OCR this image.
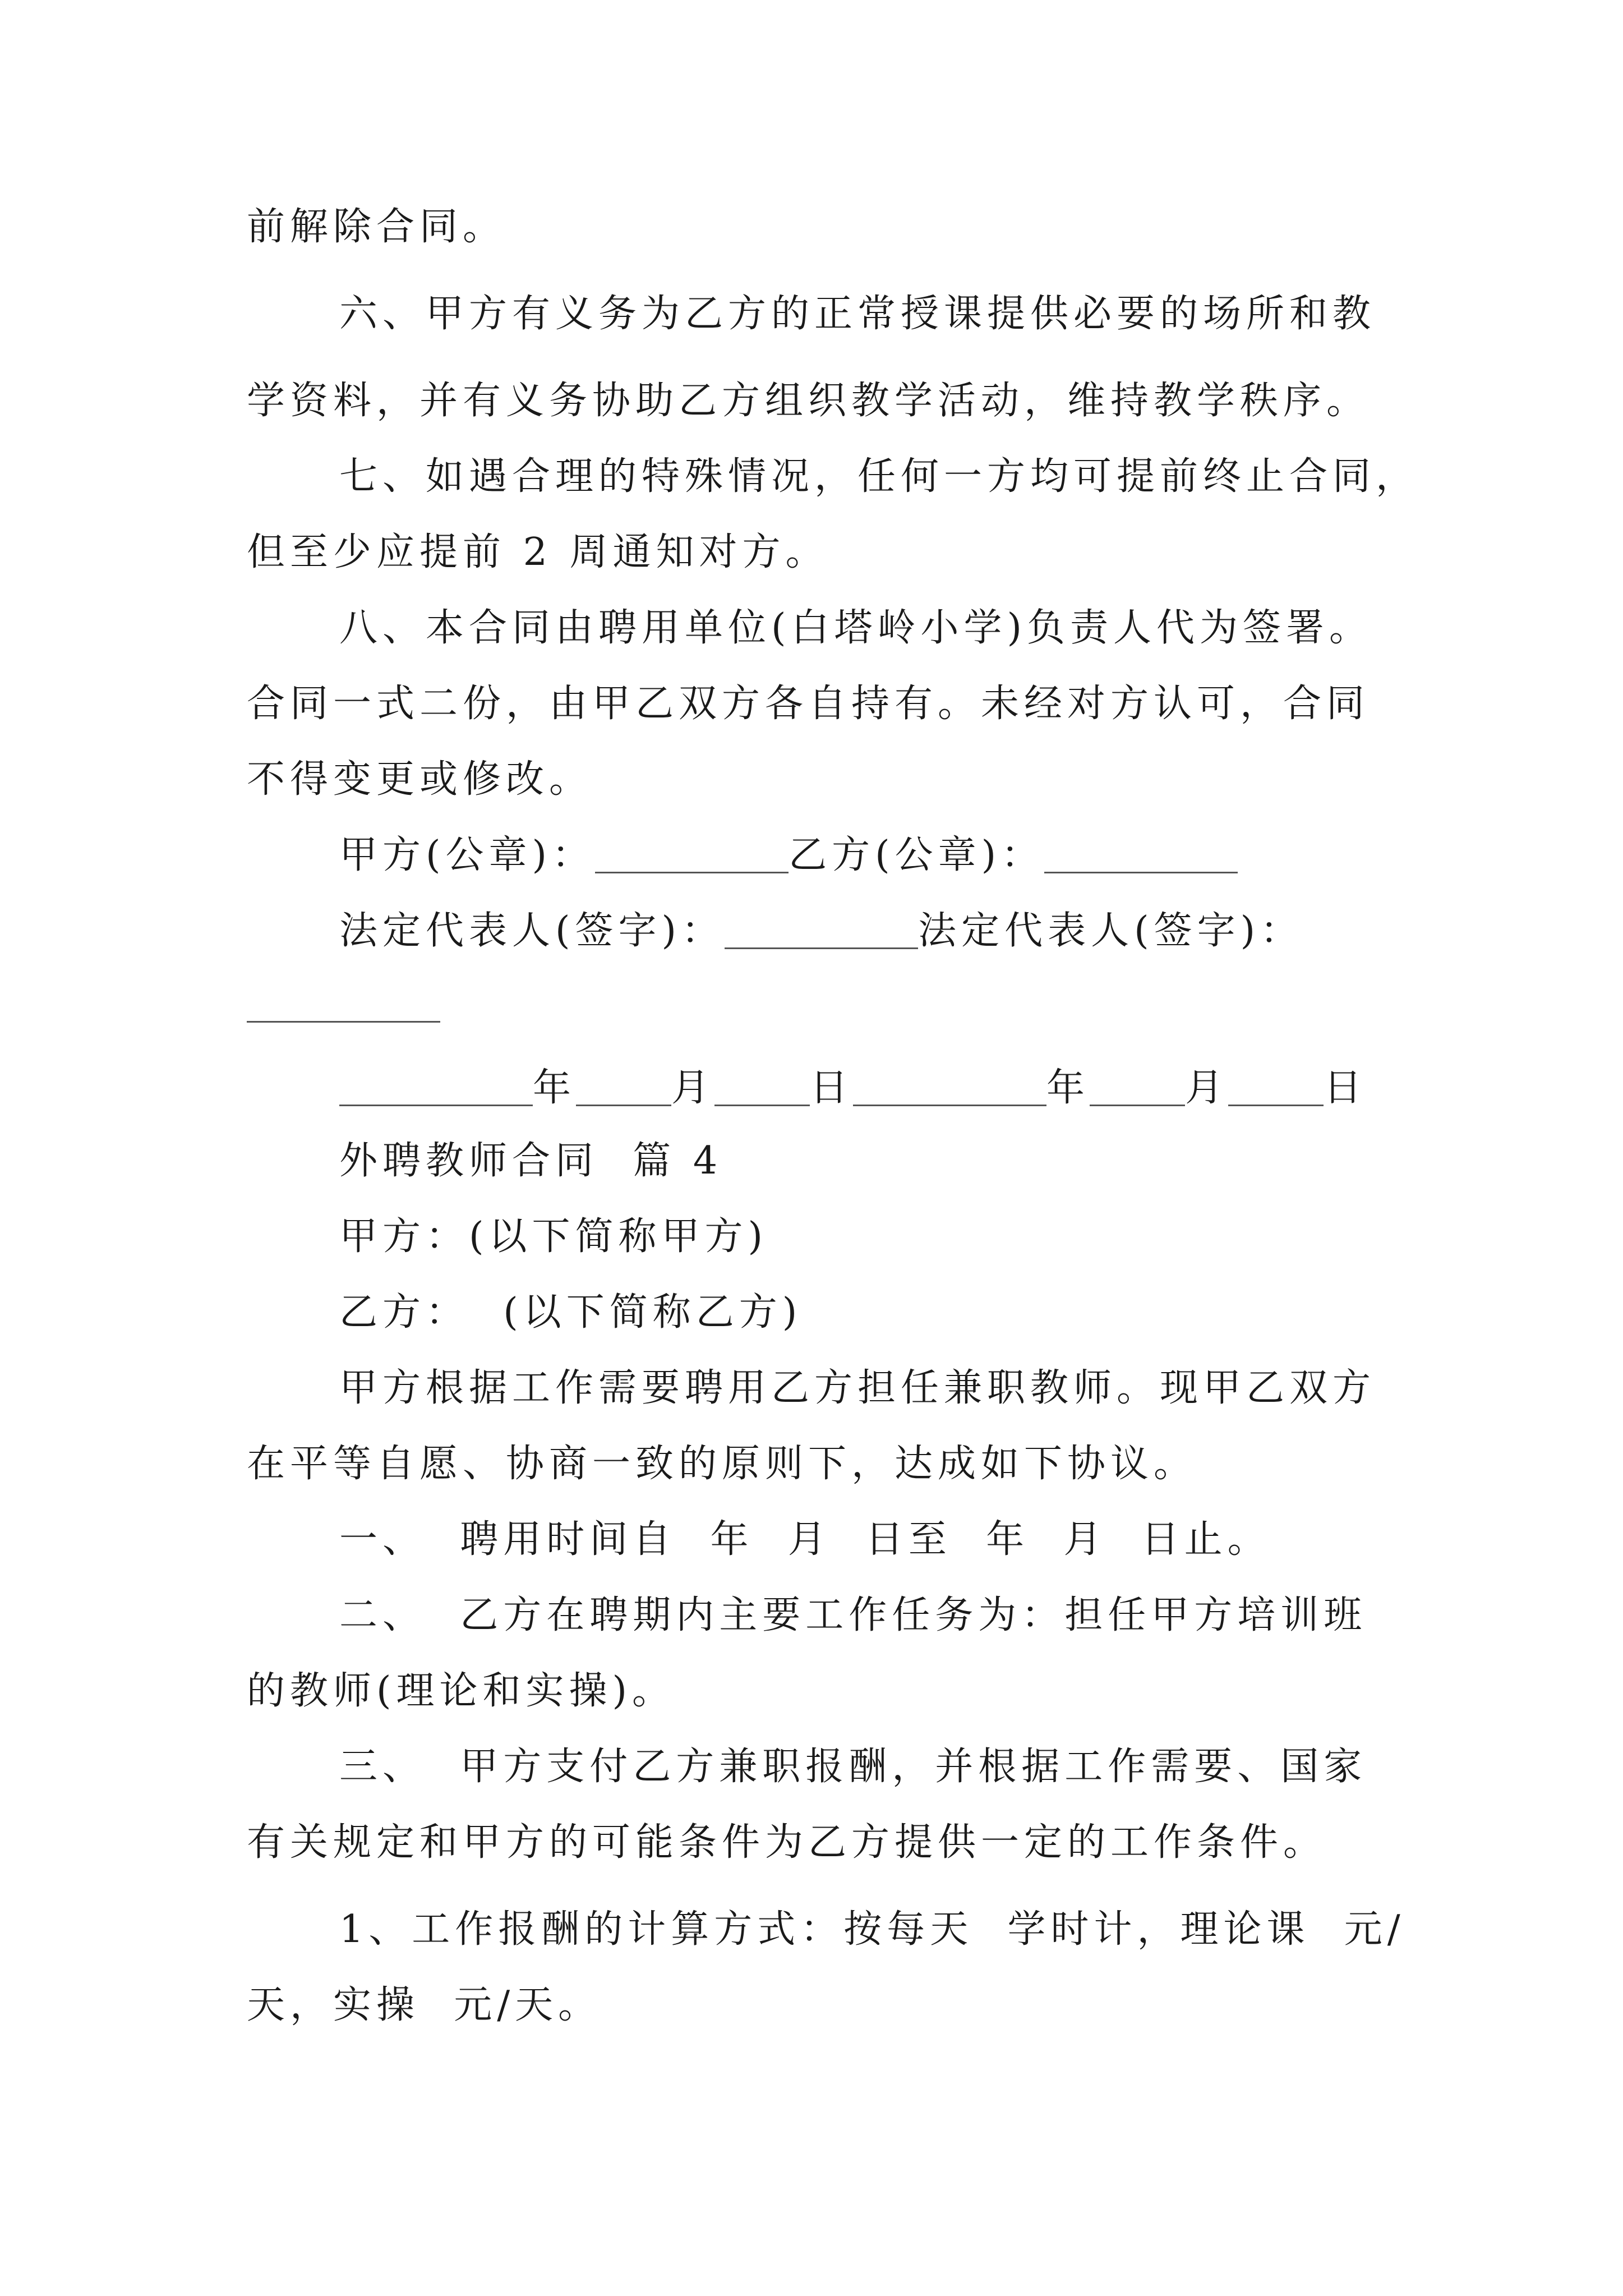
前解除合同。
六、甲方有义务为乙方的正常授课提供必要的场所和教
学资料，并有义务协助乙方组织教学活动，维持教学秩序。
七、如遇合理的特殊情况，任何一方均可提前终止合同，
但至少应提前 2 周通知对方。
八、本合同由聘用单位(白塔岭小学)负责人代为签署。
合同一式二份，由甲乙双方各自持有。未经对方认可，合同
不得变更或修改。
甲方(公章)：	乙方(公章)：
法定代表人(签字)：	法定代表人(签字)：
年	月	日	年	月	日
外聘教师合同  篇 4
甲方：(以下简称甲方)
乙方：  (以下简称乙方)
甲方根据工作需要聘用乙方担任兼职教师。现甲乙双方
在平等自愿、协商一致的原则下，达成如下协议。
一、  聘用时间自  年  月  日至  年  月  日止。
二、  乙方在聘期内主要工作任务为：担任甲方培训班
的教师(理论和实操)。
三、  甲方支付乙方兼职报酬，并根据工作需要、国家
有关规定和甲方的可能条件为乙方提供一定的工作条件。
1、工作报酬的计算方式：按每天  学时计，理论课  元/
天，实操  元/天。
